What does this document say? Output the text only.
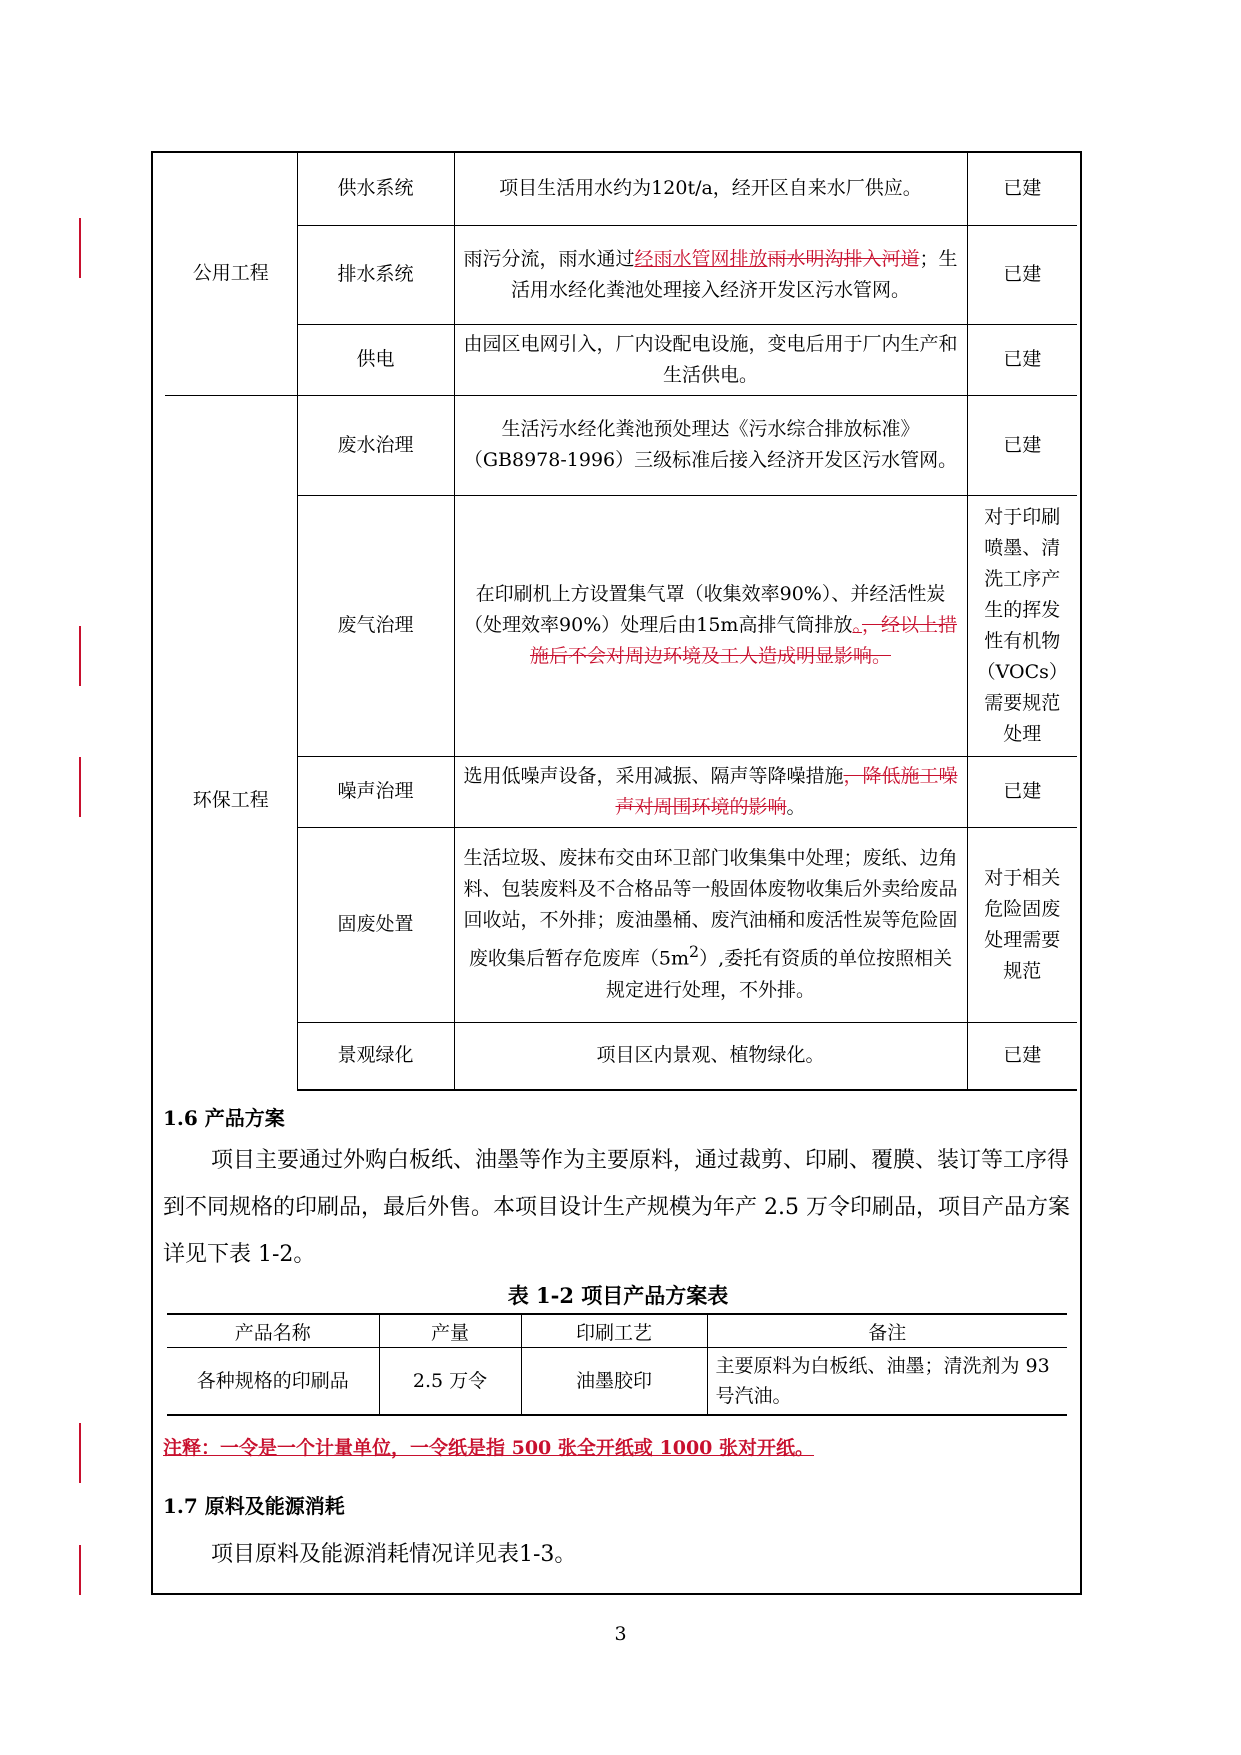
公用工程	供水系统	项目生活用水约为120t/a，经开区自来水厂供应。	已建
	排水系统	雨污分流，雨水通过经雨水管网排放雨水明沟排入河道；生活用水经化粪池处理接入经济开发区污水管网。	已建
	供电	由园区电网引入，厂内设配电设施，变电后用于厂内生产和生活供电。	已建
环保工程	废水治理	生活污水经化粪池预处理达《污水综合排放标准》（GB8978-1996）三级标准后接入经济开发区污水管网。	已建
	废气治理	在印刷机上方设置集气罩（收集效率90%）、并经活性炭（处理效率90%）处理后由15m高排气筒排放。，经以上措施后不会对周边环境及工人造成明显影响。	对于印刷喷墨、清洗工序产生的挥发性有机物（VOCs）需要规范处理
	噪声治理	选用低噪声设备，采用减振、隔声等降噪措施，降低施工噪声对周围环境的影响。	已建
	固废处置	生活垃圾、废抹布交由环卫部门收集集中处理；废纸、边角料、包装废料及不合格品等一般固体废物收集后外卖给废品回收站，不外排；废油墨桶、废汽油桶和废活性炭等危险固废收集后暂存危废库$(5m^2)$,委托有资质的单位按照相关规定进行处理，不外排。	对于相关危险固废处理需要规范
	景观绿化	项目区内景观、植物绿化。	已建
1.6 产品方案

项目主要通过外购白板纸、油墨等作为主要原料，通过裁剪、印刷、覆膜、装订等工序得到不同规格的印刷品，最后外售。本项目设计生产规模为年产 2.5 万令印刷品，项目产品方案详见下表 1-2。

表 1-2 项目产品方案表
产品名称	产量	印刷工艺	备注
各种规格的印刷品	2.5 万令	油墨胶印	主要原料为白板纸、油墨；清洗剂为 93 号汽油。
注释：一令是一个计量单位，一令纸是指 500 张全开纸或 1000 张对开纸。
1.7 原料及能源消耗

项目原料及能源消耗情况详见表1-3。

3
